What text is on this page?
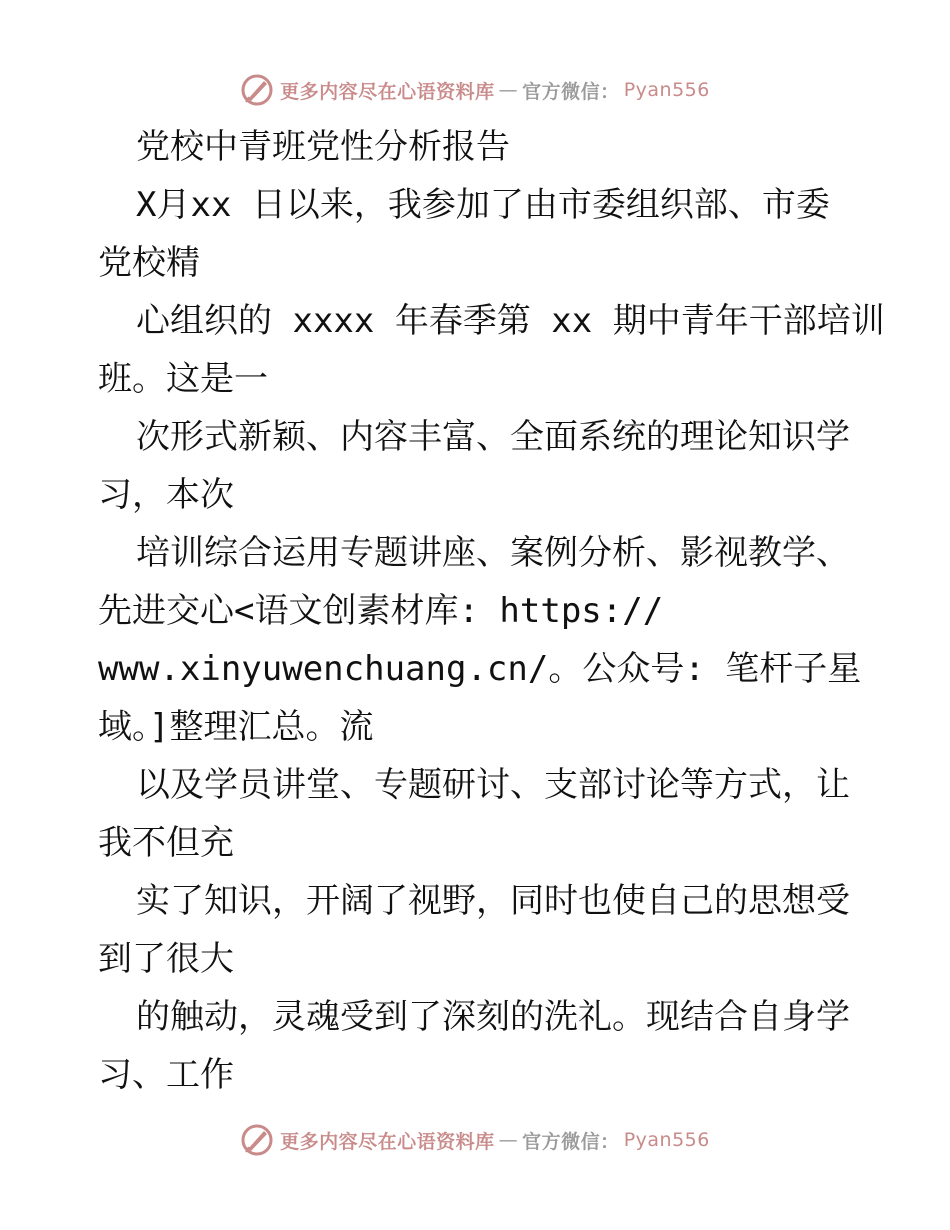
更多内容尽在心语资料库 — 官方微信： Pyan556
党校中青班党性分析报告
X月xx 日以来，我参加了由市委组织部、市委
党校精
心组织的 xxxx 年春季第 xx 期中青年干部培训
班。这是一
次形式新颖、内容丰富、全面系统的理论知识学
习，本次
培训综合运用专题讲座、案例分析、影视教学、
先进交心<语文创素材库: https://
www.xinyuwenchuang.cn/。公众号: 笔杆子星
域。]整理汇总。流
以及学员讲堂、专题研讨、支部讨论等方式，让
我不但充
实了知识，开阔了视野，同时也使自己的思想受
到了很大
的触动，灵魂受到了深刻的洗礼。现结合自身学
习、工作
更多内容尽在心语资料库 — 官方微信： Pyan556
